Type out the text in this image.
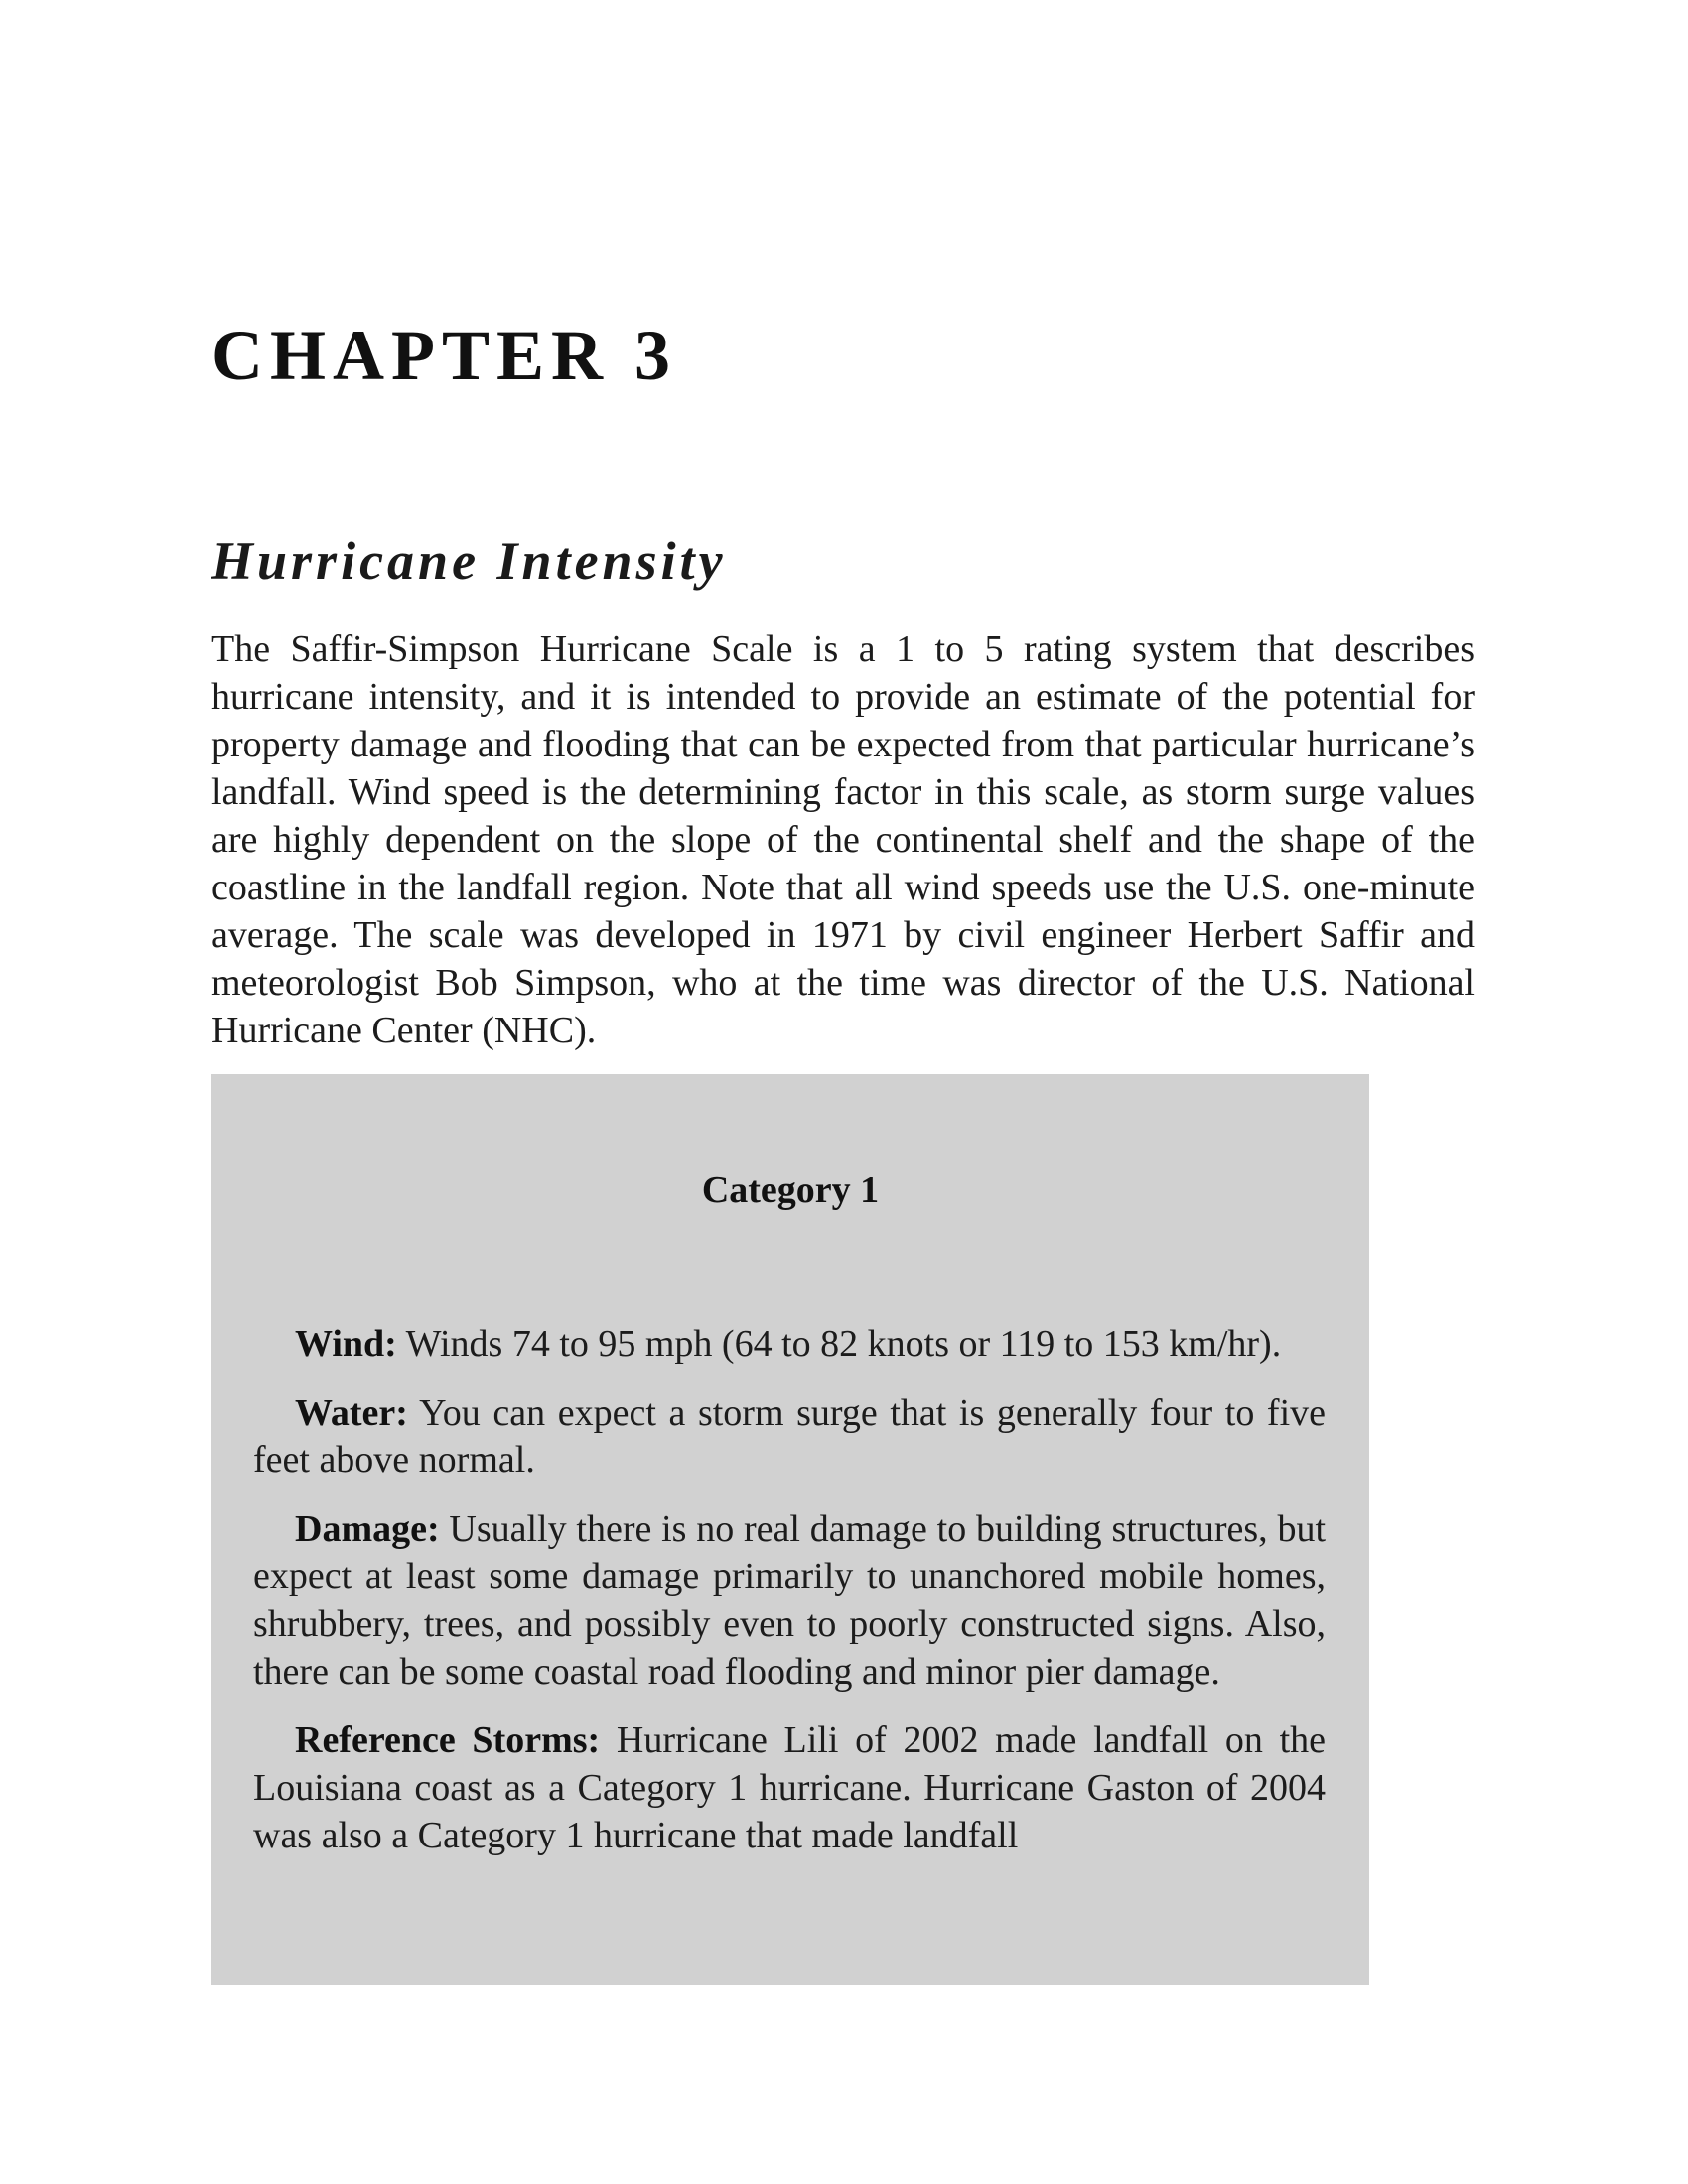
CHAPTER 3
Hurricane Intensity

The Saffir-Simpson Hurricane Scale is a 1 to 5 rating system that describes hurricane intensity, and it is intended to provide an estimate of the potential for property damage and flooding that can be expected from that particular hurricane’s landfall. Wind speed is the determining factor in this scale, as storm surge values are highly dependent on the slope of the continental shelf and the shape of the coastline in the landfall region. Note that all wind speeds use the U.S. one-minute average. The scale was developed in 1971 by civil engineer Herbert Saffir and meteorologist Bob Simpson, who at the time was director of the U.S. National Hurricane Center (NHC).

Category 1

Wind: Winds 74 to 95 mph (64 to 82 knots or 119 to 153 km/hr).

Water: You can expect a storm surge that is generally four to five feet above normal.

Damage: Usually there is no real damage to building structures, but expect at least some damage primarily to unanchored mobile homes, shrubbery, trees, and possibly even to poorly constructed signs. Also, there can be some coastal road flooding and minor pier damage.

Reference Storms: Hurricane Lili of 2002 made landfall on the Louisiana coast as a Category 1 hurricane. Hurricane Gaston of 2004 was also a Category 1 hurricane that made landfall
